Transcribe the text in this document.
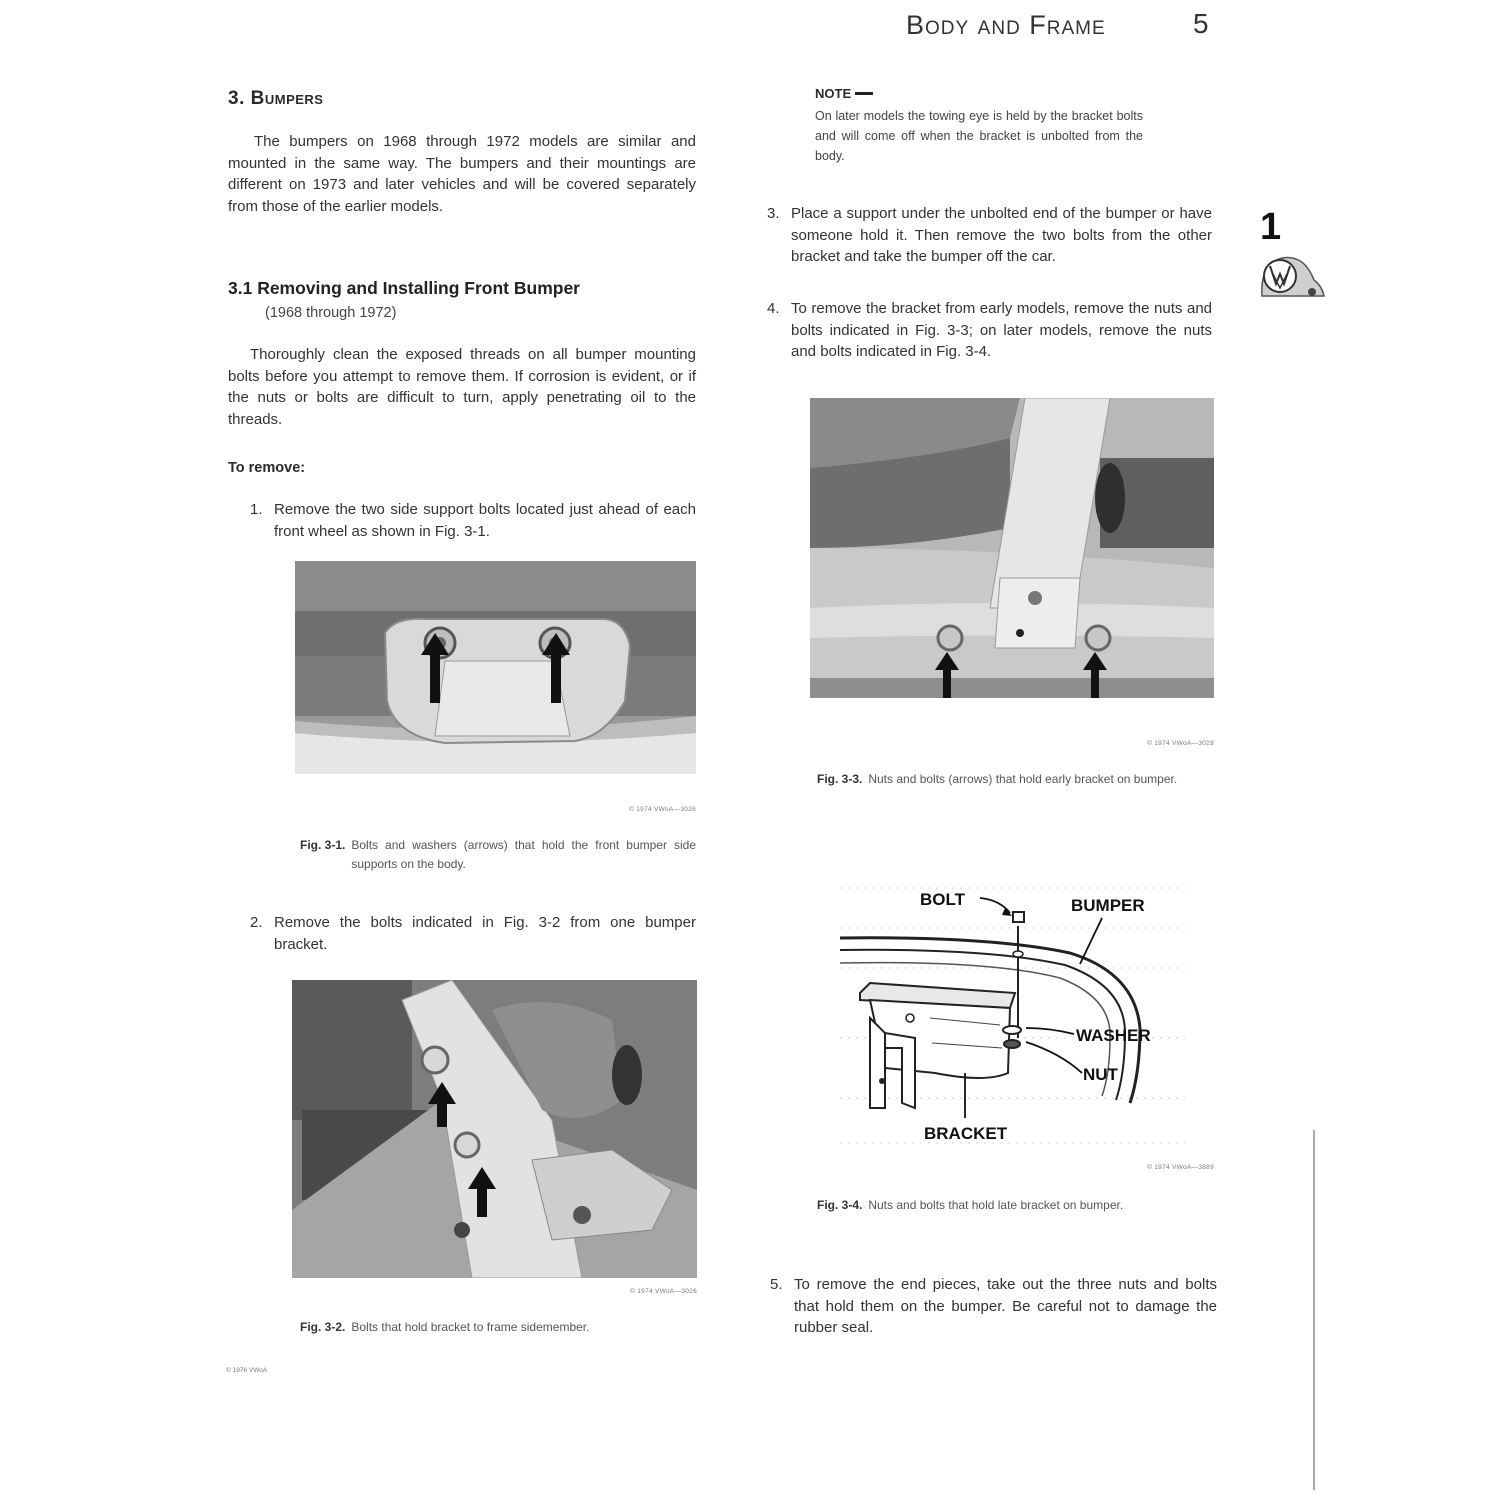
Body and Frame	5
3. Bumpers
The bumpers on 1968 through 1972 models are similar and mounted in the same way. The bumpers and their mountings are different on 1973 and later vehicles and will be covered separately from those of the earlier models.
3.1 Removing and Installing Front Bumper
(1968 through 1972)
Thoroughly clean the exposed threads on all bumper mounting bolts before you attempt to remove them. If corrosion is evident, or if the nuts or bolts are difficult to turn, apply penetrating oil to the threads.
To remove:
1. Remove the two side support bolts located just ahead of each front wheel as shown in Fig. 3-1.
© 1974 VWoA—3026
Fig. 3-1. Bolts and washers (arrows) that hold the front bumper side supports on the body.
2. Remove the bolts indicated in Fig. 3-2 from one bumper bracket.
© 1974 VWoA—3026
Fig. 3-2. Bolts that hold bracket to frame sidemember.
© 1976 VWoA
NOTE
On later models the towing eye is held by the bracket bolts and will come off when the bracket is unbolted from the body.
3. Place a support under the unbolted end of the bumper or have someone hold it. Then remove the two bolts from the other bracket and take the bumper off the car.
4. To remove the bracket from early models, remove the nuts and bolts indicated in Fig. 3-3; on later models, remove the nuts and bolts indicated in Fig. 3-4.
© 1974 VWoA—3028
Fig. 3-3. Nuts and bolts (arrows) that hold early bracket on bumper.
BOLT	BUMPER
WASHER
NUT
BRACKET
© 1974 VWoA—3889
Fig. 3-4. Nuts and bolts that hold late bracket on bumper.
5. To remove the end pieces, take out the three nuts and bolts that hold them on the bumper. Be careful not to damage the rubber seal.
1
